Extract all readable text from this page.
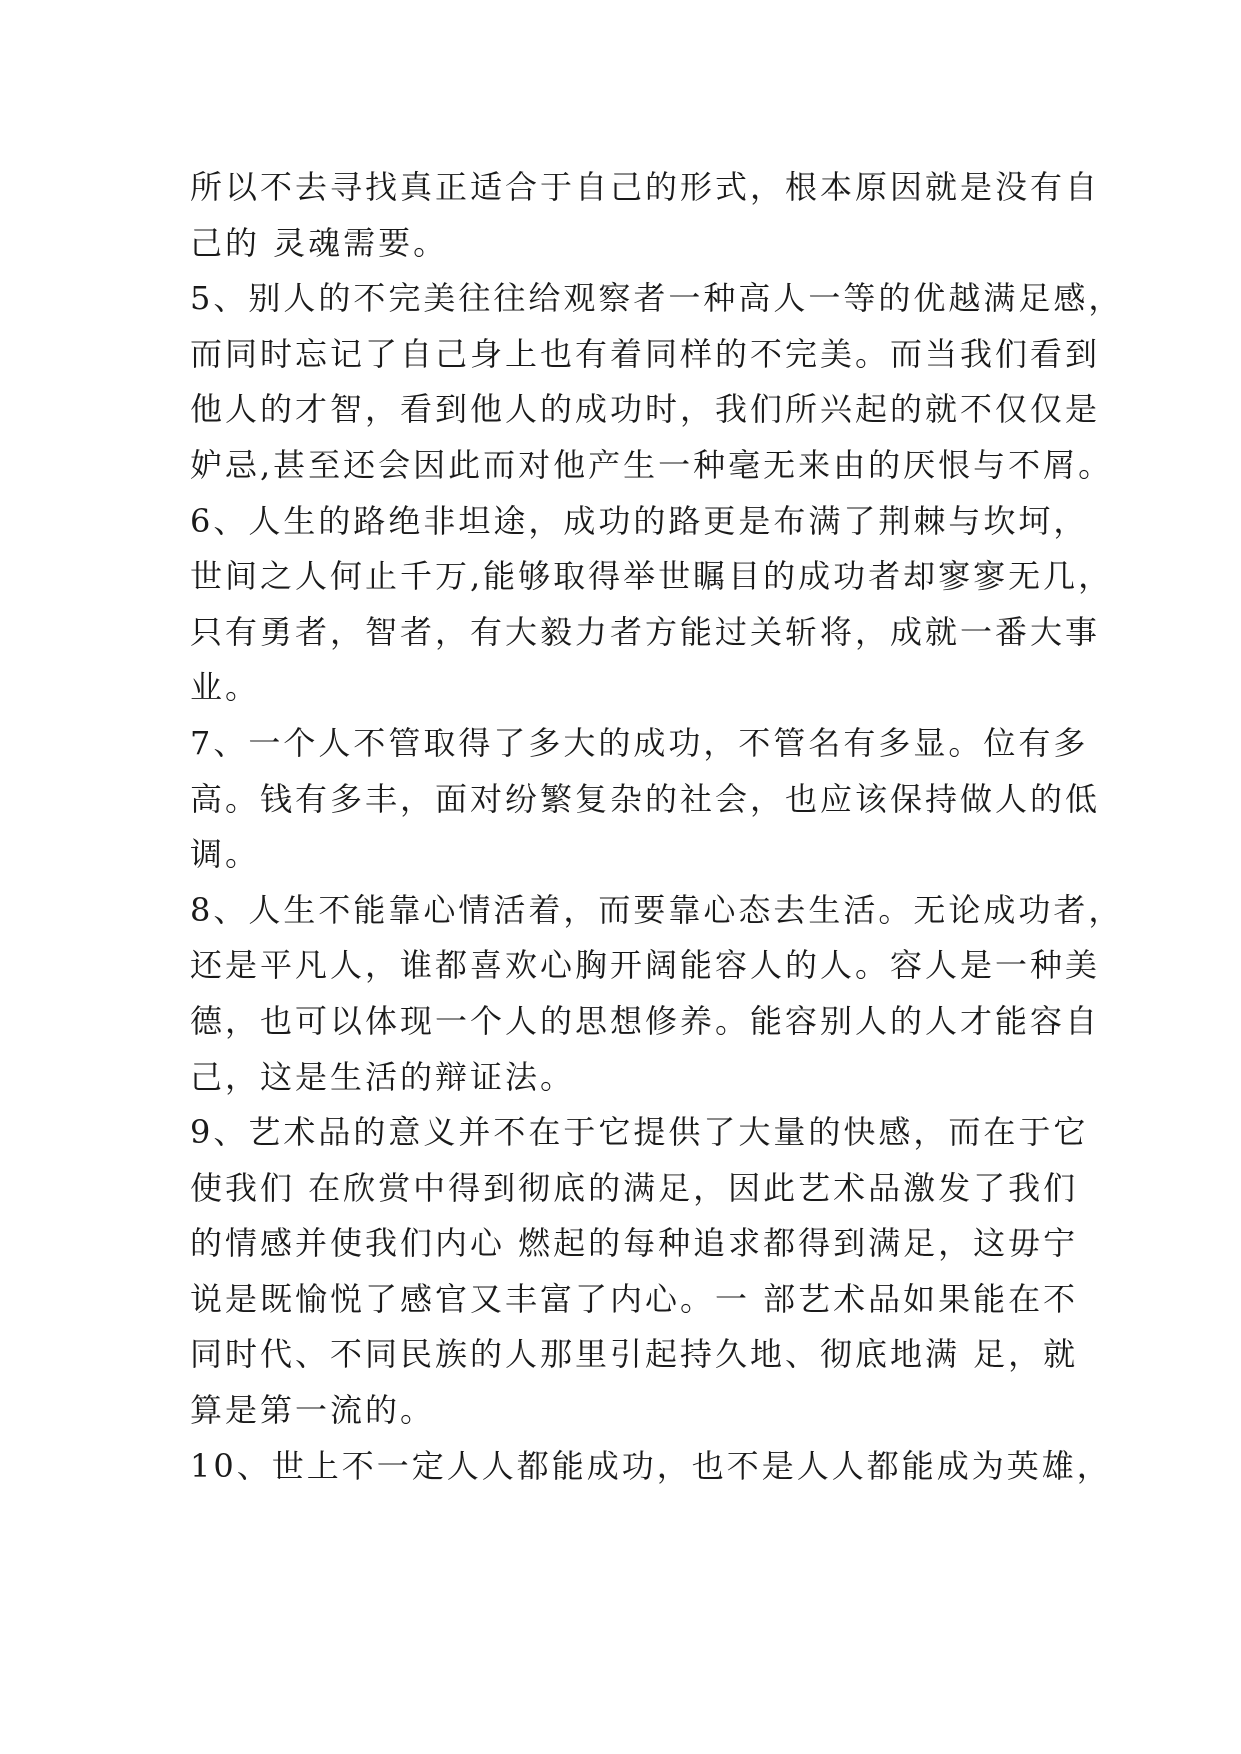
所以不去寻找真正适合于自己的形式，根本原因就是没有自
己的 灵魂需要。
5、别人的不完美往往给观察者一种高人一等的优越满足感，
而同时忘记了自己身上也有着同样的不完美。而当我们看到
他人的才智，看到他人的成功时，我们所兴起的就不仅仅是
妒忌,甚至还会因此而对他产生一种毫无来由的厌恨与不屑。
6、人生的路绝非坦途，成功的路更是布满了荆棘与坎坷，
世间之人何止千万,能够取得举世瞩目的成功者却寥寥无几，
只有勇者，智者，有大毅力者方能过关斩将，成就一番大事
业。
7、一个人不管取得了多大的成功，不管名有多显。位有多
高。钱有多丰，面对纷繁复杂的社会，也应该保持做人的低
调。
8、人生不能靠心情活着，而要靠心态去生活。无论成功者，
还是平凡人，谁都喜欢心胸开阔能容人的人。容人是一种美
德，也可以体现一个人的思想修养。能容别人的人才能容自
己，这是生活的辩证法。
9、艺术品的意义并不在于它提供了大量的快感，而在于它
使我们 在欣赏中得到彻底的满足，因此艺术品激发了我们
的情感并使我们内心 燃起的每种追求都得到满足，这毋宁
说是既愉悦了感官又丰富了内心。一 部艺术品如果能在不
同时代、不同民族的人那里引起持久地、彻底地满 足，就
算是第一流的。
10、世上不一定人人都能成功，也不是人人都能成为英雄，
